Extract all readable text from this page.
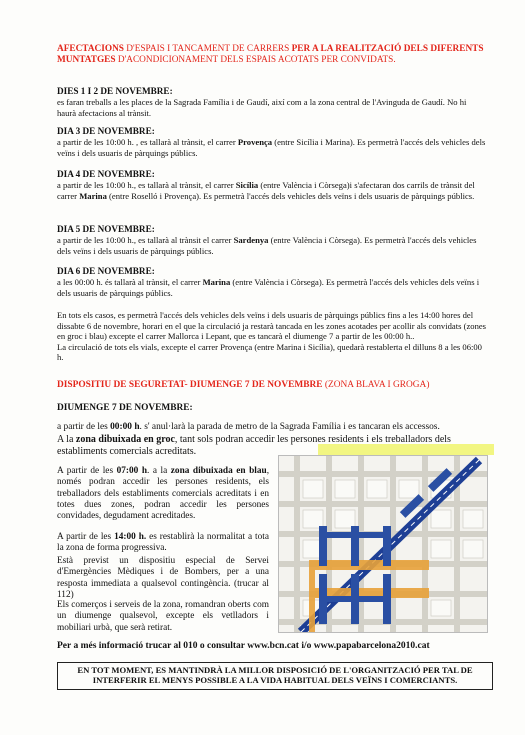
AFECTACIONS D'ESPAIS I TANCAMENT DE CARRERS PER A LA REALITZACIÓ DELS DIFERENTS MUNTATGES D'ACONDICIONAMENT DELS ESPAIS ACOTATS PER CONVIDATS.
DIES 1 I 2 DE NOVEMBRE:

es faran treballs a les places de la Sagrada Família i de Gaudí, així com a la zona central de l'Avinguda de Gaudí. No hi haurà afectacions al trànsit.

DIA 3 DE NOVEMBRE:

a partir de les 10:00 h. , es tallarà al trànsit, el carrer Provença (entre Sicília i Marina). Es permetrà l'accés dels vehicles dels veïns i dels usuaris de pàrquings públics.

DIA 4 DE NOVEMBRE:

a partir de les 10:00 h., es tallarà al trànsit, el carrer Sicília (entre València i Còrsega)i s'afectaran dos carrils de trànsit del carrer Marina (entre Roselló i Provença). Es permetrà l'accés dels vehicles dels veïns i dels usuaris de pàrquings públics.

DIA 5 DE NOVEMBRE:

a partir de les 10:00 h., es tallarà al trànsit el carrer Sardenya (entre València i Còrsega). Es permetrà l'accés dels vehicles dels veïns i dels usuaris de pàrquings públics.

DIA 6 DE NOVEMBRE:

a les 00:00 h. és tallarà al trànsit, el carrer Marina (entre València i Còrsega). Es permetrà l'accés dels vehicles dels veïns i dels usuaris de pàrquings públics.

En tots els casos, es permetrà l'accés dels vehicles dels veïns i dels usuaris de pàrquings públics fins a les 14:00 hores del dissabte 6 de novembre, horari en el que la circulació ja restarà tancada en les zones acotades per acollir als convidats (zones en groc i blau) excepte el carrer Mallorca i Lepant, que es tancarà el diumenge 7 a partir de les 00:00 h..

La circulació de tots els vials, excepte el carrer Provença (entre Marina i Sicília), quedarà restablerta el dilluns 8 a les 06:00 h.

DISPOSITIU DE SEGURETAT- DIUMENGE 7 DE NOVEMBRE (ZONA BLAVA I GROGA)
DIUMENGE 7 DE NOVEMBRE:

a partir de les 00:00 h. s' anul·larà la parada de metro de la Sagrada Família i es tancaran els accessos.

A la zona dibuixada en groc, tant sols podran accedir les persones residents i els treballadors dels establiments comercials acreditats.

A partir de les 07:00 h. a la zona dibuixada en blau, només podran accedir les persones residents, els treballadors dels establiments comercials acreditats i en totes dues zones, podran accedir les persones convidades, degudament acreditades.

A partir de les 14:00 h. es restablirà la normalitat a tota la zona de forma progressiva.

Està previst un dispositiu especial de Servei d'Emergències Mèdiques i de Bombers, per a una resposta immediata a qualsevol contingència. (trucar al 112)

Els comerços i serveis de la zona, romandran oberts com un diumenge qualsevol, excepte els vetlladors i mobiliari urbà, que serà retirat.

Per a més informació trucar al 010 o consultar www.bcn.cat i/o www.papabarcelona2010.cat
EN TOT MOMENT, ES MANTINDRÀ LA MILLOR DISPOSICIÓ DE L'ORGANITZACIÓ PER TAL DE INTERFERIR EL MENYS POSSIBLE A LA VIDA HABITUAL DELS VEÏNS I COMERCIANTS.
